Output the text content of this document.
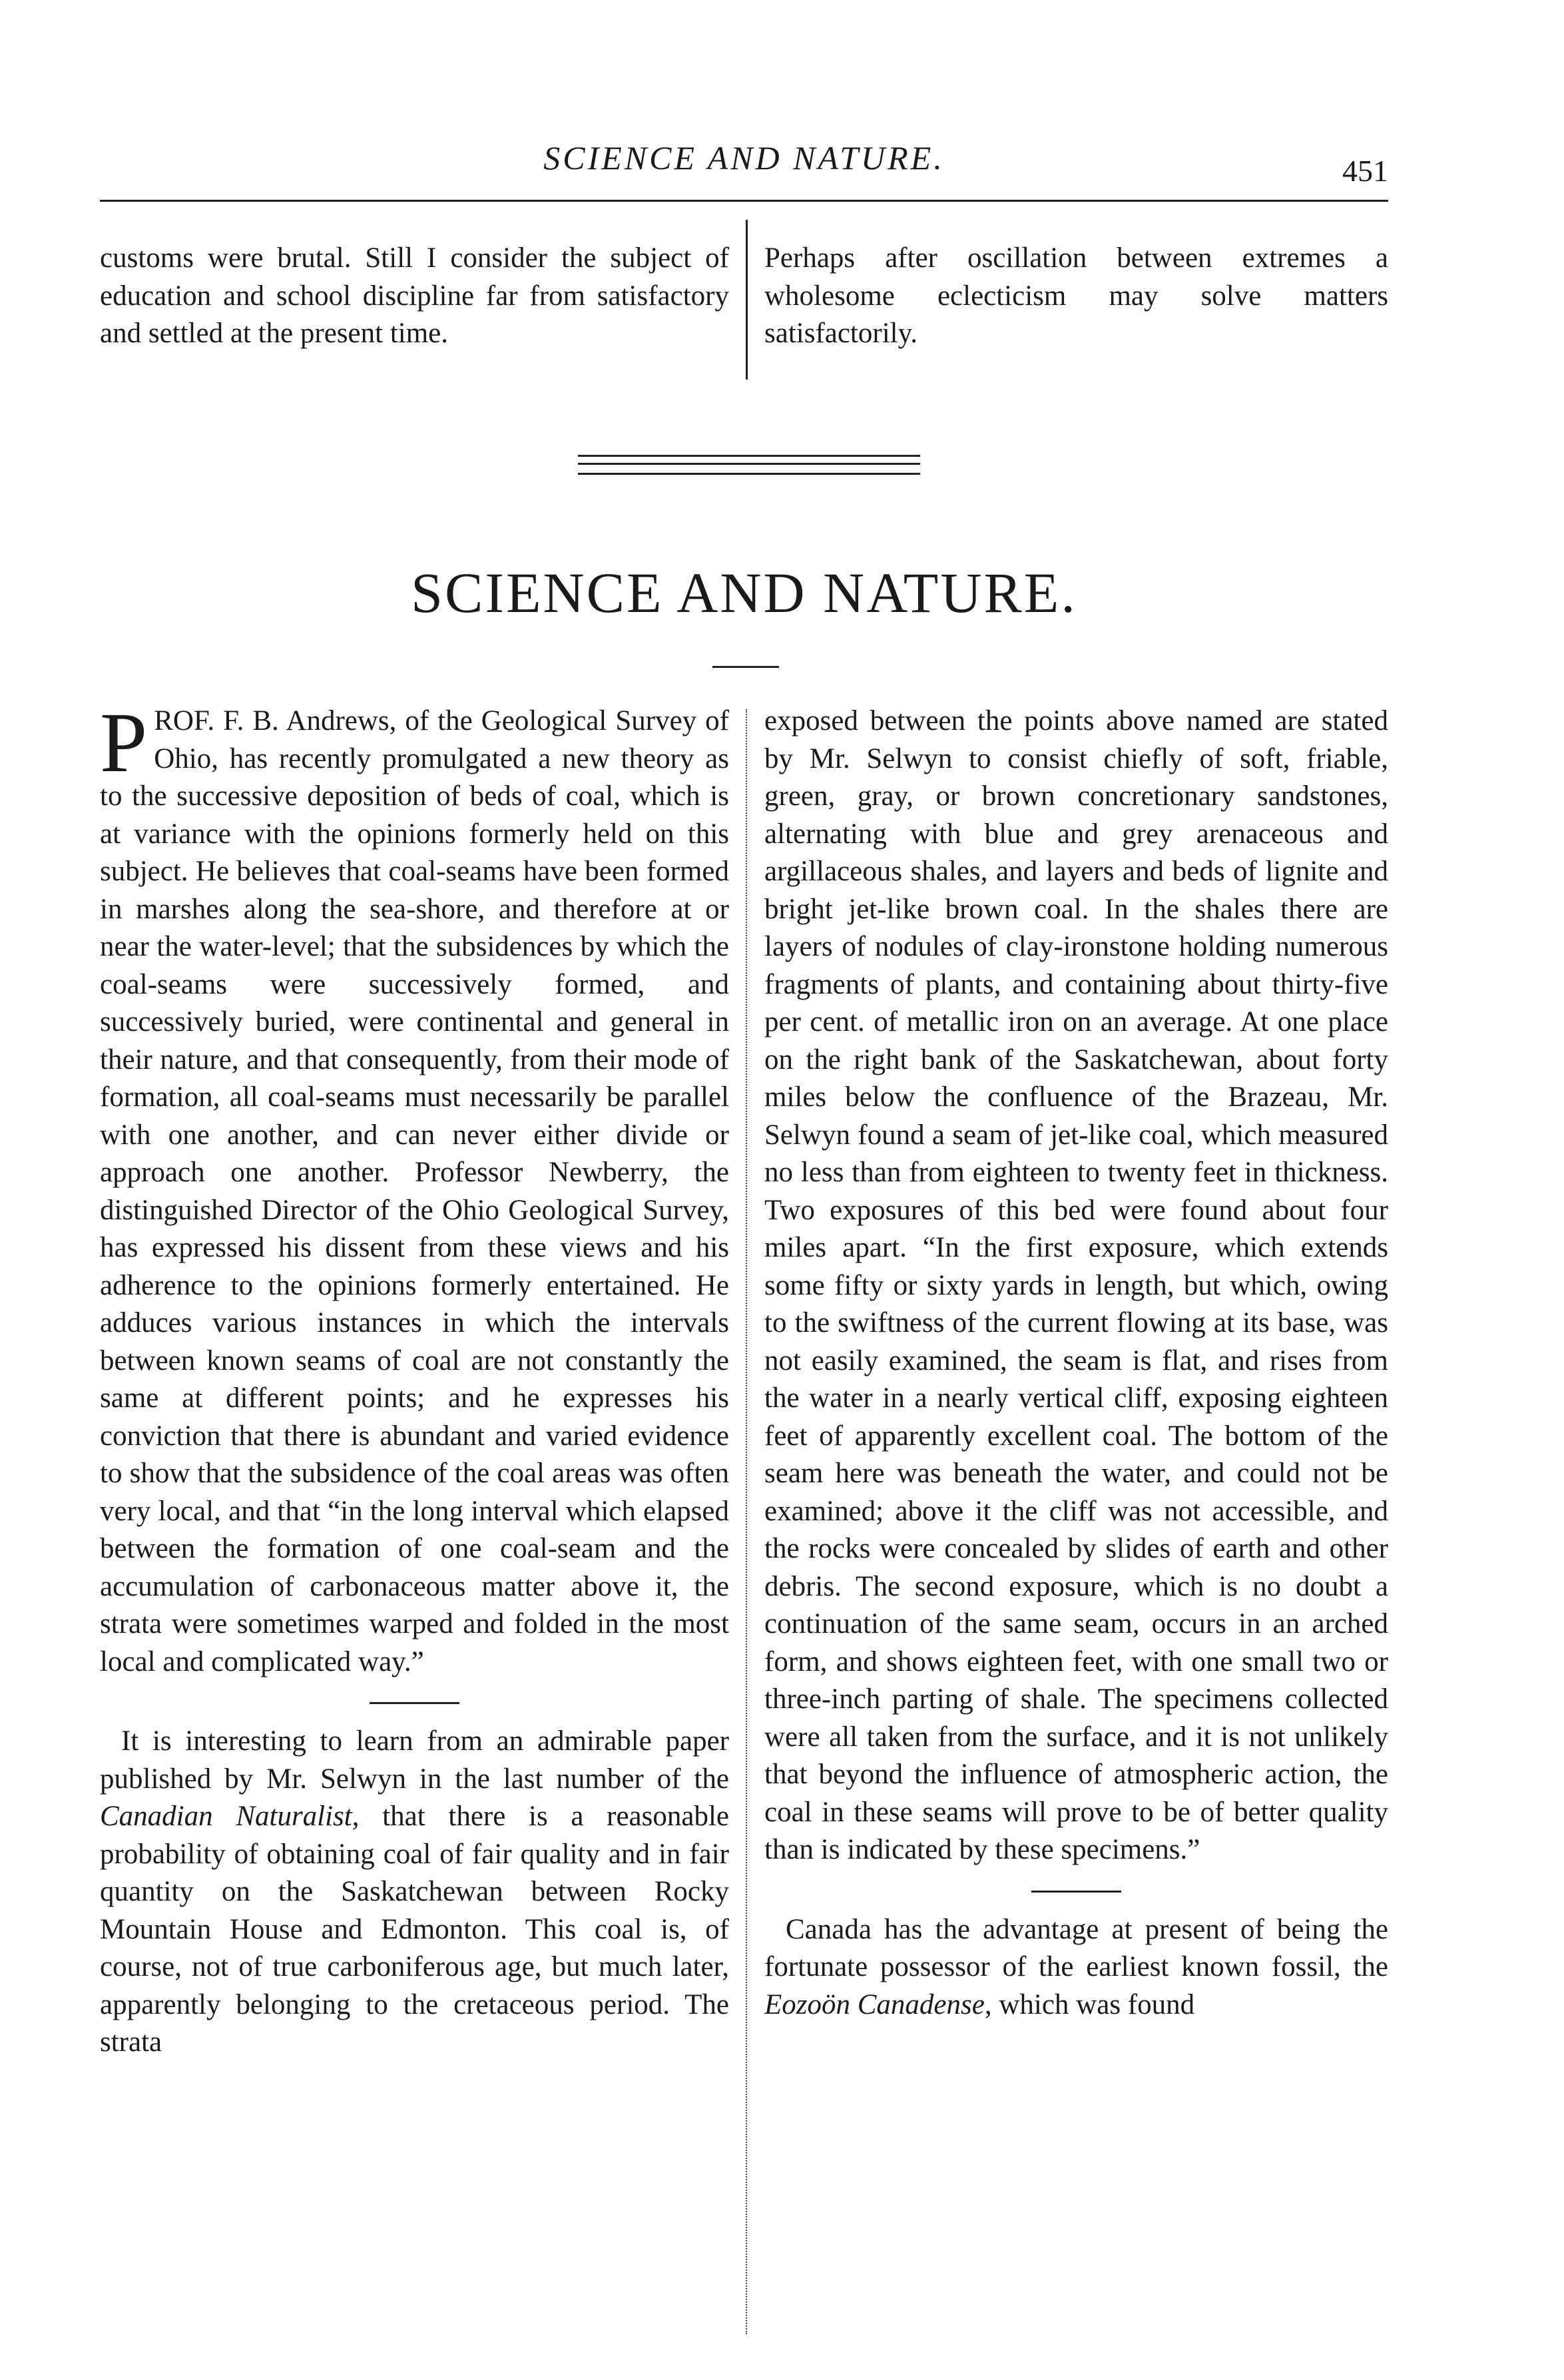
SCIENCE AND NATURE.	451

customs were brutal. Still I consider the subject of education and school discipline far from satisfactory and settled at the present time.

Perhaps after oscillation between extremes a wholesome eclecticism may solve matters satisfactorily.

SCIENCE AND NATURE.

PROF. F. B. Andrews, of the Geological Survey of Ohio, has recently promulgated a new theory as to the successive deposition of beds of coal, which is at variance with the opinions formerly held on this subject. He believes that coal-seams have been formed in marshes along the sea-shore, and therefore at or near the water-level; that the subsidences by which the coal-seams were successively formed, and successively buried, were continental and general in their nature, and that consequently, from their mode of formation, all coal-seams must necessarily be parallel with one another, and can never either divide or approach one another. Professor Newberry, the distinguished Director of the Ohio Geological Survey, has expressed his dissent from these views and his adherence to the opinions formerly entertained. He adduces various instances in which the intervals between known seams of coal are not constantly the same at different points; and he expresses his conviction that there is abundant and varied evidence to show that the subsidence of the coal areas was often very local, and that “in the long interval which elapsed between the formation of one coal-seam and the accumulation of carbonaceous matter above it, the strata were sometimes warped and folded in the most local and complicated way.”

It is interesting to learn from an admirable paper published by Mr. Selwyn in the last number of the Canadian Naturalist, that there is a reasonable probability of obtaining coal of fair quality and in fair quantity on the Saskatchewan between Rocky Mountain House and Edmonton. This coal is, of course, not of true carboniferous age, but much later, apparently belonging to the cretaceous period. The strata

exposed between the points above named are stated by Mr. Selwyn to consist chiefly of soft, friable, green, gray, or brown concretionary sandstones, alternating with blue and grey arenaceous and argillaceous shales, and layers and beds of lignite and bright jet-like brown coal. In the shales there are layers of nodules of clay-ironstone holding numerous fragments of plants, and containing about thirty-five per cent. of metallic iron on an average. At one place on the right bank of the Saskatchewan, about forty miles below the confluence of the Brazeau, Mr. Selwyn found a seam of jet-like coal, which measured no less than from eighteen to twenty feet in thickness. Two exposures of this bed were found about four miles apart. “In the first exposure, which extends some fifty or sixty yards in length, but which, owing to the swiftness of the current flowing at its base, was not easily examined, the seam is flat, and rises from the water in a nearly vertical cliff, exposing eighteen feet of apparently excellent coal. The bottom of the seam here was beneath the water, and could not be examined; above it the cliff was not accessible, and the rocks were concealed by slides of earth and other debris. The second exposure, which is no doubt a continuation of the same seam, occurs in an arched form, and shows eighteen feet, with one small two or three-inch parting of shale. The specimens collected were all taken from the surface, and it is not unlikely that beyond the influence of atmospheric action, the coal in these seams will prove to be of better quality than is indicated by these specimens.”

Canada has the advantage at present of being the fortunate possessor of the earliest known fossil, the Eozoön Canadense, which was found
